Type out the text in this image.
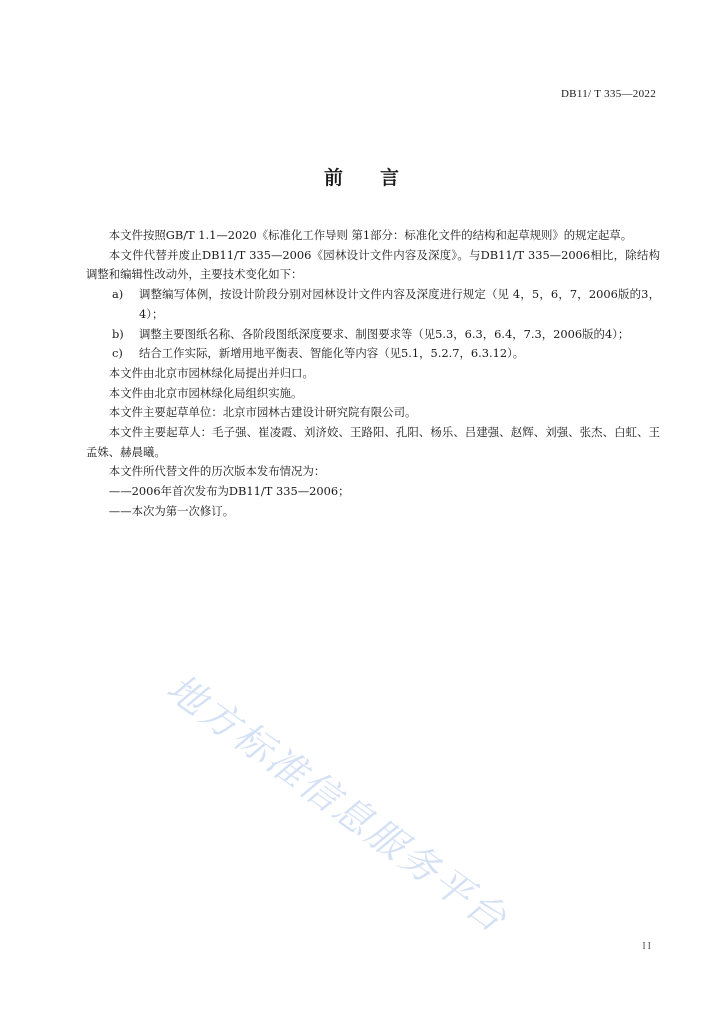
DB11/ T 335—2022
前 言

本文件按照GB/T 1.1—2020《标准化工作导则 第1部分：标准化文件的结构和起草规则》的规定起草。

本文件代替并废止DB11/T 335—2006《园林设计文件内容及深度》。与DB11/T 335—2006相比，除结构调整和编辑性改动外，主要技术变化如下：

a)	调整编写体例，按设计阶段分别对园林设计文件内容及深度进行规定（见 4，5，6，7，2006版的3，4）；
b)	调整主要图纸名称、各阶段图纸深度要求、制图要求等（见5.3，6.3，6.4，7.3，2006版的4）；
c)	结合工作实际，新增用地平衡表、智能化等内容（见5.1，5.2.7，6.3.12）。

本文件由北京市园林绿化局提出并归口。

本文件由北京市园林绿化局组织实施。

本文件主要起草单位：北京市园林古建设计研究院有限公司。

本文件主要起草人：毛子强、崔凌霞、刘济姣、王路阳、孔阳、杨乐、吕建强、赵辉、刘强、张杰、白虹、王孟姝、赫晨曦。

本文件所代替文件的历次版本发布情况为：

——2006年首次发布为DB11/T 335—2006；

——本次为第一次修订。

地方标准信息服务平台
II
